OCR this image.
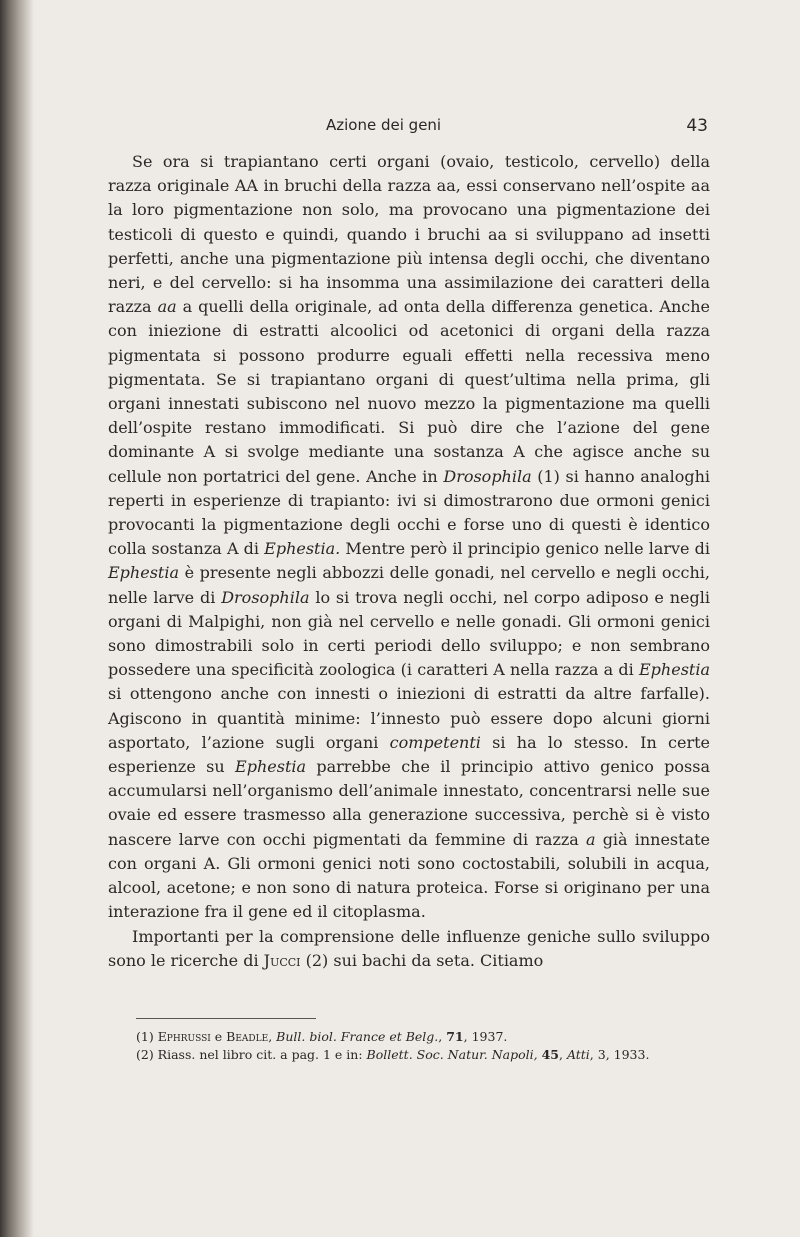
Azione dei geni	43

Se ora si trapiantano certi organi (ovaio, testicolo, cervello) della razza originale AA in bruchi della razza aa, essi conservano nell’ospite aa la loro pigmentazione non solo, ma provocano una pigmentazione dei testicoli di questo e quindi, quando i bruchi aa si sviluppano ad insetti perfetti, anche una pigmentazione più intensa degli occhi, che diventano neri, e del cervello: si ha insomma una assimilazione dei caratteri della razza aa a quelli della originale, ad onta della differenza genetica. Anche con iniezione di estratti alcoolici od acetonici di organi della razza pigmentata si possono produrre eguali effetti nella recessiva meno pigmentata. Se si trapiantano organi di quest’ultima nella prima, gli organi innestati subiscono nel nuovo mezzo la pigmentazione ma quelli dell’ospite restano immodificati. Si può dire che l’azione del gene dominante A si svolge mediante una sostanza A che agisce anche su cellule non portatrici del gene. Anche in Drosophila (1) si hanno analoghi reperti in esperienze di trapianto: ivi si dimostrarono due ormoni genici provocanti la pigmentazione degli occhi e forse uno di questi è identico colla sostanza A di Ephestia. Mentre però il principio genico nelle larve di Ephestia è presente negli abbozzi delle gonadi, nel cervello e negli occhi, nelle larve di Drosophila lo si trova negli occhi, nel corpo adiposo e negli organi di Malpighi, non già nel cervello e nelle gonadi. Gli ormoni genici sono dimostrabili solo in certi periodi dello sviluppo; e non sembrano possedere una specificità zoologica (i caratteri A nella razza a di Ephestia si ottengono anche con innesti o iniezioni di estratti da altre farfalle). Agiscono in quantità minime: l’innesto può essere dopo alcuni giorni asportato, l’azione sugli organi competenti si ha lo stesso. In certe esperienze su Ephestia parrebbe che il principio attivo genico possa accumularsi nell’organismo dell’animale innestato, concentrarsi nelle sue ovaie ed essere trasmesso alla generazione successiva, perchè si è visto nascere larve con occhi pigmentati da femmine di razza a già innestate con organi A. Gli ormoni genici noti sono coctostabili, solubili in acqua, alcool, acetone; e non sono di natura proteica. Forse si originano per una interazione fra il gene ed il citoplasma.

Importanti per la comprensione delle influenze geniche sullo sviluppo sono le ricerche di Jucci (2) sui bachi da seta. Citiamo

(1) Ephrussi e Beadle, Bull. biol. France et Belg., 71, 1937.

(2) Riass. nel libro cit. a pag. 1 e in: Bollett. Soc. Natur. Napoli, 45, Atti, 3, 1933.
